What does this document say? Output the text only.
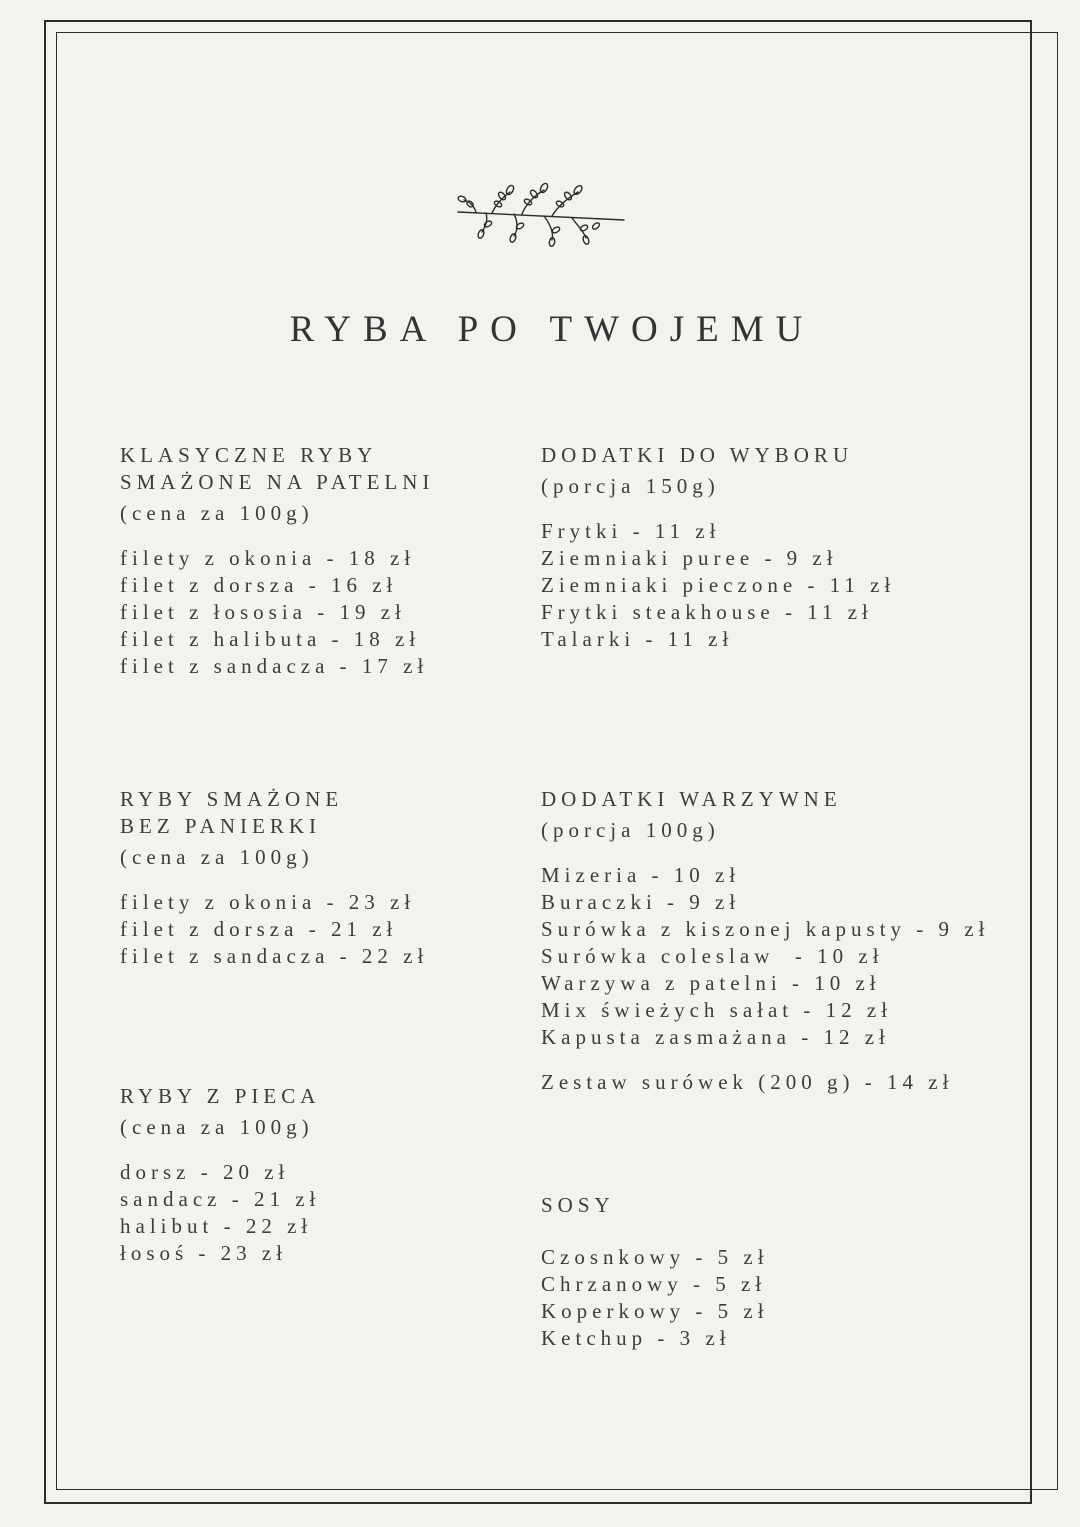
RYBA PO TWOJEMU
KLASYCZNE RYBY
SMAŻONE NA PATELNI
(cena za 100g)
filety z okonia - 18 zł
filet z dorsza - 16 zł
filet z łososia - 19 zł
filet z halibuta - 18 zł
filet z sandacza - 17 zł
RYBY SMAŻONE
BEZ PANIERKI
(cena za 100g)
filety z okonia - 23 zł
filet z dorsza - 21 zł
filet z sandacza - 22 zł
RYBY Z PIECA
(cena za 100g)
dorsz - 20 zł
sandacz - 21 zł
halibut - 22 zł
łosoś - 23 zł
DODATKI DO WYBORU
(porcja 150g)
Frytki - 11 zł
Ziemniaki puree - 9 zł
Ziemniaki pieczone - 11 zł
Frytki steakhouse - 11 zł
Talarki - 11 zł
DODATKI WARZYWNE
(porcja 100g)
Mizeria - 10 zł
Buraczki - 9 zł
Surówka z kiszonej kapusty - 9 zł
Surówka coleslaw  - 10 zł
Warzywa z patelni - 10 zł
Mix świeżych sałat - 12 zł
Kapusta zasmażana - 12 zł
Zestaw surówek (200 g) - 14 zł
SOSY
Czosnkowy - 5 zł
Chrzanowy - 5 zł
Koperkowy - 5 zł
Ketchup - 3 zł
